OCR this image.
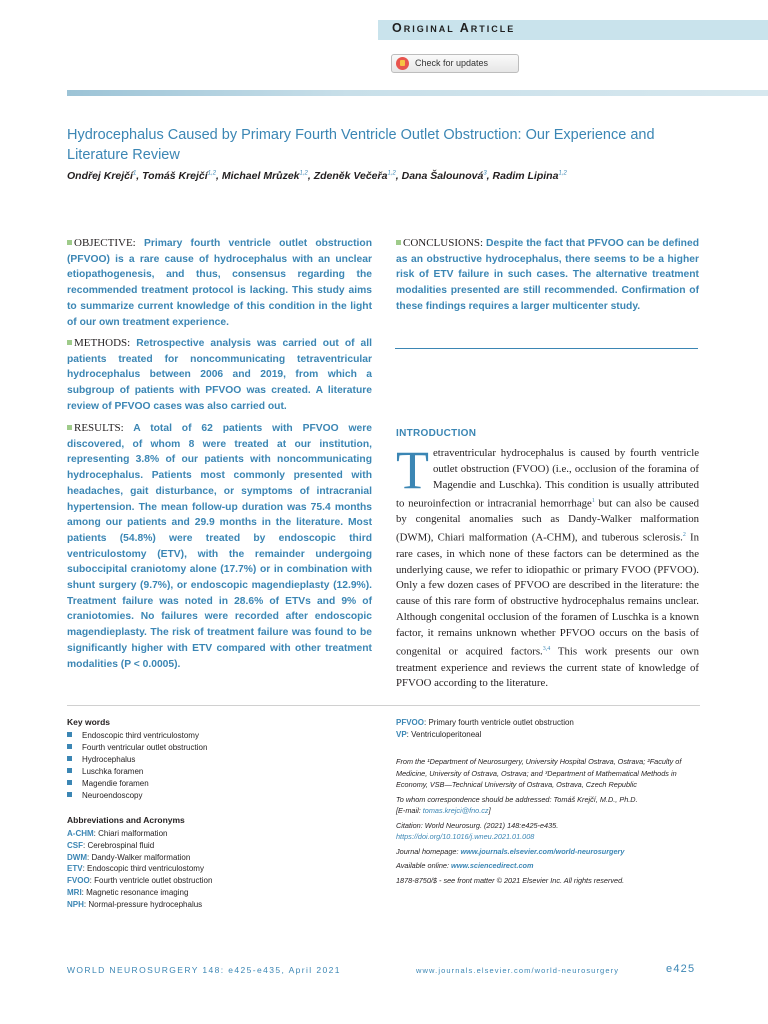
Original Article
Check for updates
Hydrocephalus Caused by Primary Fourth Ventricle Outlet Obstruction: Our Experience and Literature Review
Ondřej Krejčí$^1$, Tomáš Krejčí$^{1,2}$, Michael Mrůzek$^{1,2}$, Zdeněk Večeřa$^{1,2}$, Dana Šalounová$^3$, Radim Lipina$^{1,2}$
OBJECTIVE: Primary fourth ventricle outlet obstruction (PFVOO) is a rare cause of hydrocephalus with an unclear etiopathogenesis, and thus, consensus regarding the recommended treatment protocol is lacking. This study aims to summarize current knowledge of this condition in the light of our own treatment experience.
METHODS: Retrospective analysis was carried out of all patients treated for noncommunicating tetraventricular hydrocephalus between 2006 and 2019, from which a subgroup of patients with PFVOO was created. A literature review of PFVOO cases was also carried out.
RESULTS: A total of 62 patients with PFVOO were discovered, of whom 8 were treated at our institution, representing 3.8% of our patients with noncommunicating hydrocephalus. Patients most commonly presented with headaches, gait disturbance, or symptoms of intracranial hypertension. The mean follow-up duration was 75.4 months among our patients and 29.9 months in the literature. Most patients (54.8%) were treated by endoscopic third ventriculostomy (ETV), with the remainder undergoing suboccipital craniotomy alone (17.7%) or in combination with shunt surgery (9.7%), or endoscopic magendieplasty (12.9%). Treatment failure was noted in 28.6% of ETVs and 9% of craniotomies. No failures were recorded after endoscopic magendieplasty. The risk of treatment failure was found to be significantly higher with ETV compared with other treatment modalities (P < 0.0005).
CONCLUSIONS: Despite the fact that PFVOO can be defined as an obstructive hydrocephalus, there seems to be a higher risk of ETV failure in such cases. The alternative treatment modalities presented are still recommended. Confirmation of these findings requires a larger multicenter study.
INTRODUCTION
Tetraventricular hydrocephalus is caused by fourth ventricle outlet obstruction (FVOO) (i.e., occlusion of the foramina of Magendie and Luschka). This condition is usually attributed to neuroinfection or intracranial hemorrhage$^1$ but can also be caused by congenital anomalies such as Dandy-Walker malformation (DWM), Chiari malformation (A-CHM), and tuberous sclerosis.$^2$ In rare cases, in which none of these factors can be determined as the underlying cause, we refer to idiopathic or primary FVOO (PFVOO). Only a few dozen cases of PFVOO are described in the literature: the cause of this rare form of obstructive hydrocephalus remains unclear. Although congenital occlusion of the foramen of Luschka is a known factor, it remains unknown whether PFVOO occurs on the basis of congenital or acquired factors.$^{3,4}$ This work presents our own treatment experience and reviews the current state of knowledge of PFVOO according to the literature.
Key words
Endoscopic third ventriculostomy
Fourth ventricular outlet obstruction
Hydrocephalus
Luschka foramen
Magendie foramen
Neuroendoscopy
Abbreviations and Acronyms
A-CHM: Chiari malformation
CSF: Cerebrospinal fluid
DWM: Dandy-Walker malformation
ETV: Endoscopic third ventriculostomy
FVOO: Fourth ventricle outlet obstruction
MRI: Magnetic resonance imaging
NPH: Normal-pressure hydrocephalus
PFVOO: Primary fourth ventricle outlet obstruction
VP: Ventriculoperitoneal

From the ¹Department of Neurosurgery, University Hospital Ostrava, Ostrava; ²Faculty of Medicine, University of Ostrava, Ostrava; and ³Department of Mathematical Methods in Economy, VSB—Technical University of Ostrava, Ostrava, Czech Republic

To whom correspondence should be addressed: Tomáš Krejčí, M.D., Ph.D.
[E-mail: tomas.krejci@fno.cz]

Citation: World Neurosurg. (2021) 148:e425-e435.
https://doi.org/10.1016/j.wneu.2021.01.008

Journal homepage: www.journals.elsevier.com/world-neurosurgery

Available online: www.sciencedirect.com

1878-8750/$ - see front matter © 2021 Elsevier Inc. All rights reserved.

WORLD NEUROSURGERY 148: e425-e435, April 2021	www.journals.elsevier.com/world-neurosurgery	e425
